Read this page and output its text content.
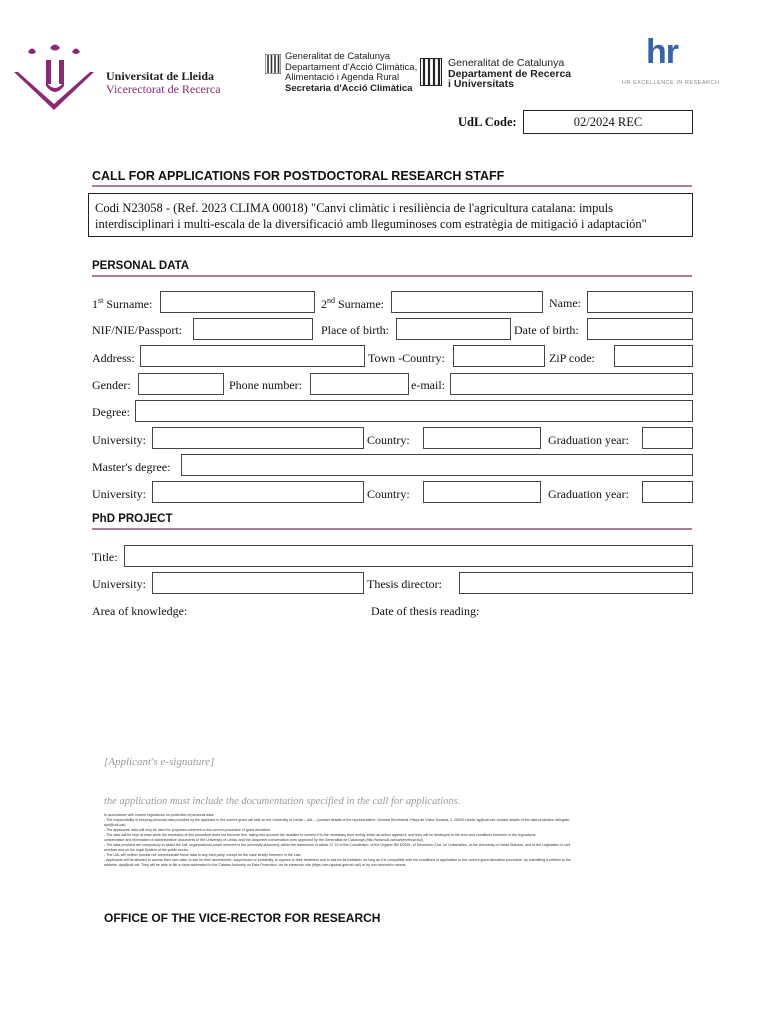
Universitat de Lleida
Vicerectorat de Recerca
Generalitat de Catalunya
Departament d'Acció Climàtica,
Alimentació i Agenda Rural
Secretaria d'Acció Climàtica
Generalitat de Catalunya
Departament de Recerca
i Universitats
hr
HR EXCELLENCE IN RESEARCH
UdL Code:	02/2024 REC
CALL FOR APPLICATIONS FOR POSTDOCTORAL RESEARCH STAFF
Codi N23058 - (Ref. 2023 CLIMA 00018) "Canvi climàtic i resiliència de l'agricultura catalana: impuls
interdisciplinari i multi-escala de la diversificació amb lleguminoses com estratègia de mitigació i adaptación"
PERSONAL DATA
1st Surname:	2nd Surname:	Name:
NIF/NIE/Passport:	Place of birth:	Date of birth:
Address:	Town -Country:	ZiP code:
Gender:	Phone number:	e-mail:
Degree:
University:	Country:	Graduation year:
Master's degree:
University:	Country:	Graduation year:
PhD PROJECT
Title:
University:	Thesis director:
Area of knowledge:	Date of thesis reading:
[Applicant's e-signature]
the application must include the documentation specified in the call for applications.
In accordance with current regulations on protection of personal data:
- The responsibility of keeping personal data provided by the applicant in the current grant call falls on the University of Lleida – UdL – (contact details of the representative: General Secretariat. Plaça de Víctor Siurana, 1, 25003 Lleida; sg@udl.cat; contact details of the data protection delegate:
dpd@udl.cat).
- The applicants' data will only be used for purposes coherent to the current procedure of grant allocation.
- The data will be kept at least while the resolution of this procedure does not become firm, taking into account the deadline to contest it to the necessary term during which an action against it, and they will be destroyed in the term and conditions foreseen in the regulations
conservation and elimination of administrative documents of the University of Lleida, and the document conservation form approved by the Generalitat de Catalunya (http://www.udl.cat/ca/serveis/arxiu/).
- The data provided are compulsory to assist the UdL organizational power inherent in the university autonomy, within the framework of article 27.10 of the Constitution, of the Organic Bill 6/2001, of December 21st, on Universities, of the University of Lleida Statutes, and of the Legislation in civil
services and on the legal System of the public sector.
- The UdL will neither provide nor communicate these data to any third party, except for the case strictly foreseen in the Law.
- Applicants will be allowed to access their own data, to ask for their amendment, suppression or portability, to oppose to their treatment and to ask for its limitation, as long as it is compatible with the conditions of application to the current grant allocation procedure, by submitting a petition to the
address: dpd@udl.cat. They will be able to file a claim addressed to the Catalan Authority on Data Protection, via its electronic site (https://seu.apdcat.gencat.cat/) or by non-electronic means.
OFFICE OF THE VICE-RECTOR FOR RESEARCH
